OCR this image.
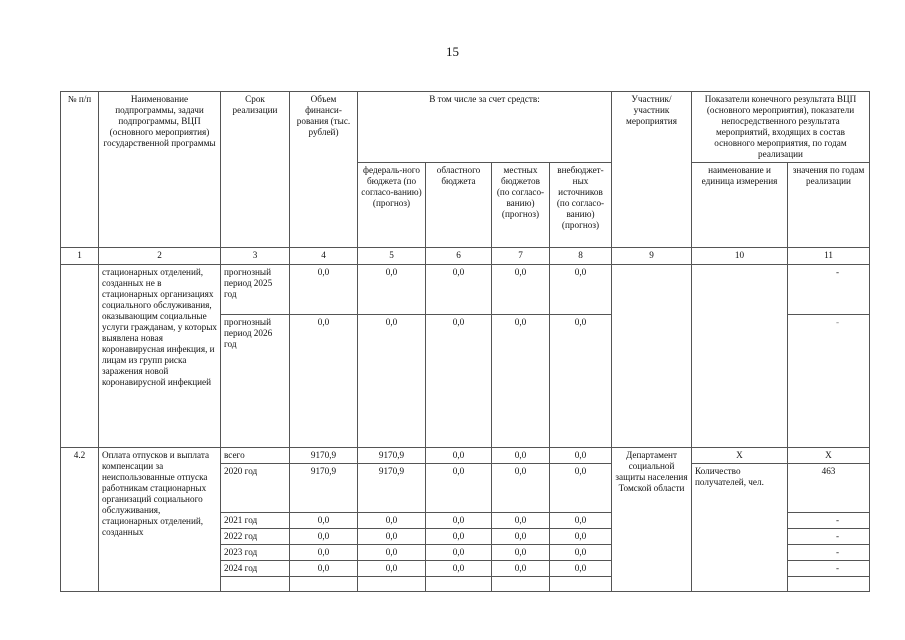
15
№ п/п	Наименование подпрограммы, задачи подпрограммы, ВЦП (основного мероприятия) государственной программы	Срок реализации	Объем финанси-рования (тыс. рублей)	В том числе за счет средств:				Участник/ участник мероприятия	Показатели конечного результата ВЦП (основного мероприятия), показатели непосредственного результата мероприятий, входящих в состав основного мероприятия, по годам реализации	
				федераль-ного бюджета (по согласо-ванию) (прогноз)	областного бюджета	местных бюджетов (по согласо-ванию) (прогноз)	внебюджет-ных источников (по согласо-ванию) (прогноз)		наименование и единица измерения	значения по годам реализации
1	2	3	4	5	6	7	8	9	10	11
	стационарных отделений, созданных не в стационарных организациях социального обслуживания, оказывающим социальные услуги гражданам, у которых выявлена новая коронавирусная инфекция, и лицам из групп риска заражения новой коронавирусной инфекцией	прогнозный период 2025 год	0,0	0,0	0,0	0,0	0,0			-
		прогнозный период 2026 год	0,0	0,0	0,0	0,0	0,0			-
4.2	Оплата отпусков и выплата компенсации за неиспользованные отпуска работникам стационарных организаций социального обслуживания, стационарных отделений, созданных	всего	9170,9	9170,9	0,0	0,0	0,0	Департамент социальной защиты населения Томской области	X	X
		2020 год	9170,9	9170,9	0,0	0,0	0,0		Количество получателей, чел.	463
		2021 год	0,0	0,0	0,0	0,0	0,0			-
		2022 год	0,0	0,0	0,0	0,0	0,0			-
		2023 год	0,0	0,0	0,0	0,0	0,0			-
		2024 год	0,0	0,0	0,0	0,0	0,0			-
